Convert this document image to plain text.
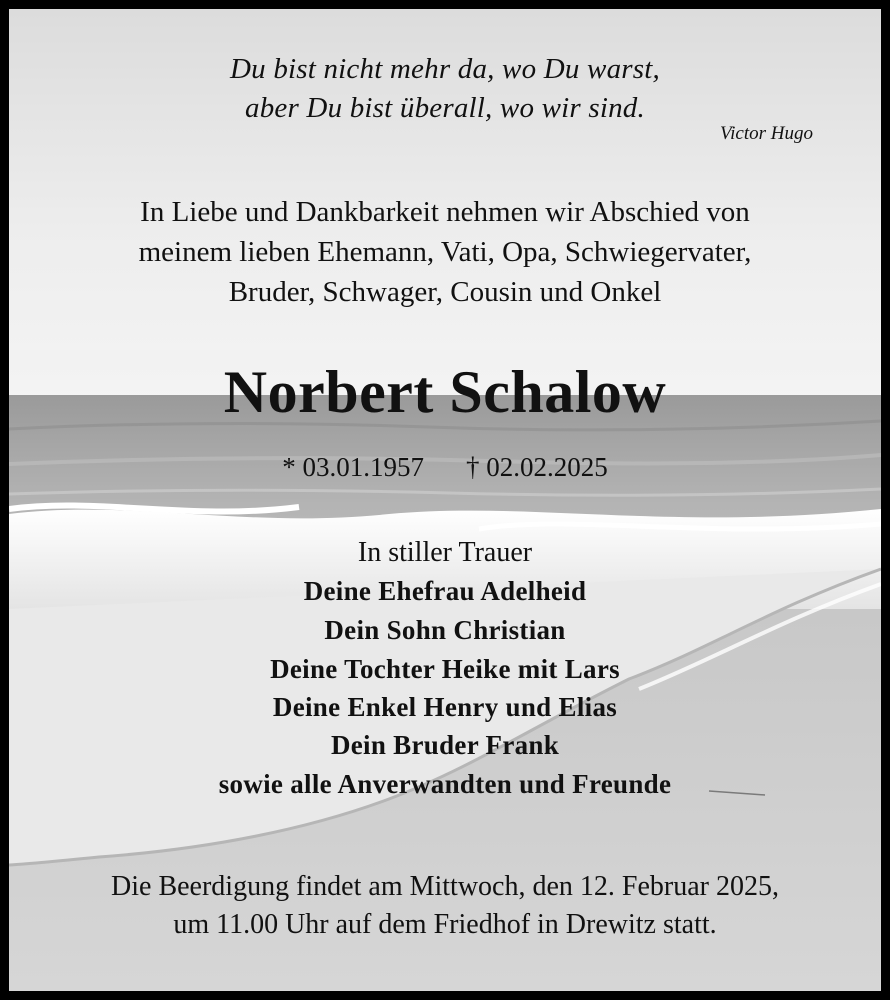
Du bist nicht mehr da, wo Du warst,
aber Du bist überall, wo wir sind.
Victor Hugo
In Liebe und Dankbarkeit nehmen wir Abschied von
meinem lieben Ehemann, Vati, Opa, Schwiegervater,
Bruder, Schwager, Cousin und Onkel
Norbert Schalow
* 03.01.1957 † 02.02.2025
In stiller Trauer
Deine Ehefrau Adelheid
Dein Sohn Christian
Deine Tochter Heike mit Lars
Deine Enkel Henry und Elias
Dein Bruder Frank
sowie alle Anverwandten und Freunde
Die Beerdigung findet am Mittwoch, den 12. Februar 2025,
um 11.00 Uhr auf dem Friedhof in Drewitz statt.
